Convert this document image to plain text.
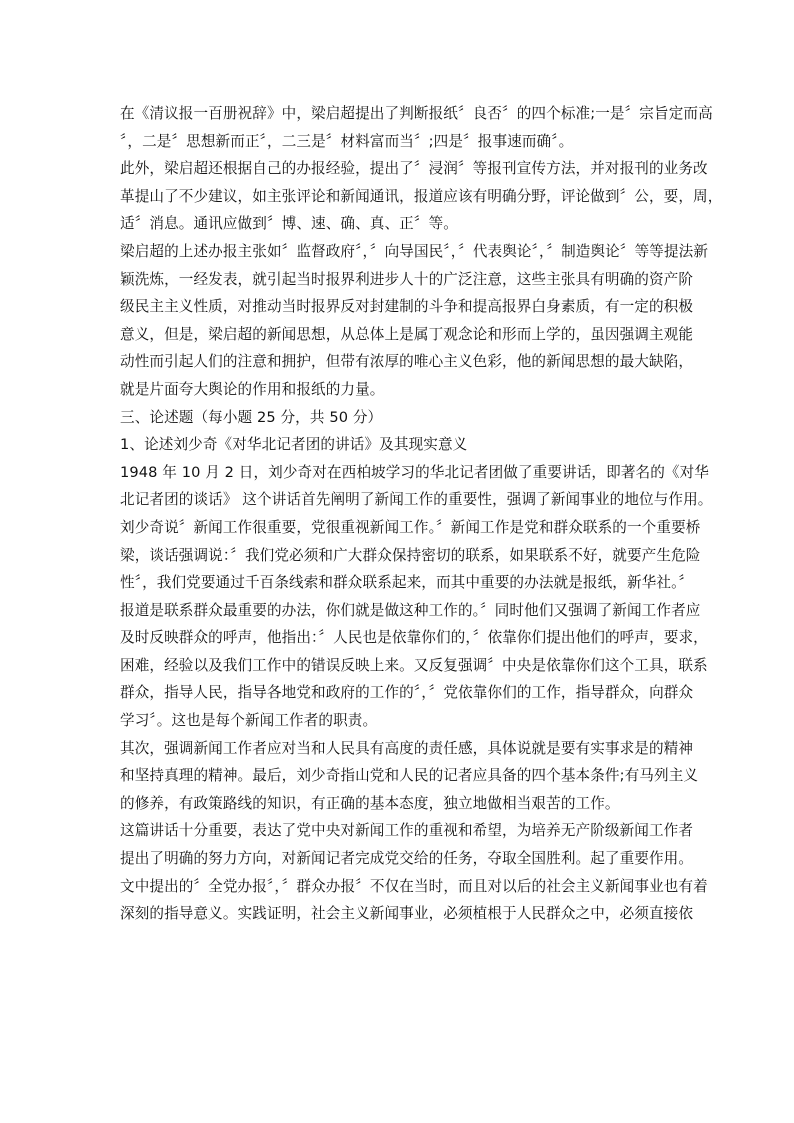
在《清议报一百册祝辞》中，梁启超提出了判断报纸〞良否〞的四个标准;一是〞宗旨定而高
〞，二是〞思想新而正〞，二三是〞材料富而当〞;四是〞报事速而确〞。
此外，梁启超还根据自己的办报经验，提出了〞浸润〞等报刊宣传方法，并对报刊的业务改
革提山了不少建议，如主张评论和新闻通讯，报道应该有明确分野，评论做到〞公，要，周，
适〞消息。通讯应做到〞博、速、确、真、正〞等。
梁启超的上述办报主张如〞监督政府〞，〞向导国民〞，〞代表舆论〞，〞制造舆论〞等等提法新
颖洗炼，一经发表，就引起当时报界利进步人十的广泛注意，这些主张具有明确的资产阶
级民主主义性质，对推动当时报界反对封建制的斗争和提高报界白身素质，有一定的积极
意义，但是，梁启超的新闻思想，从总体上是属丁观念论和形而上学的，虽因强调主观能
动性而引起人们的注意和拥护，但带有浓厚的唯心主义色彩，他的新闻思想的最大缺陷，
就是片面夸大舆论的作用和报纸的力量。
三、论述题（每小题 25 分，共 50 分）
1、论述刘少奇《对华北记者团的讲话》及其现实意义
1948 年 10 月 2 日，刘少奇对在西柏坡学习的华北记者团做了重要讲话，即著名的《对华
北记者团的谈话》 这个讲话首先阐明了新闻工作的重要性，强调了新闻事业的地位与作用。
刘少奇说〞新闻工作很重要，党很重视新闻工作。〞新闻工作是党和群众联系的一个重要桥
梁，谈话强调说：〞我们党必须和广大群众保持密切的联系，如果联系不好，就要产生危险
性〞，我们党要通过千百条线索和群众联系起来，而其中重要的办法就是报纸，新华社。〞
报道是联系群众最重要的办法，你们就是做这种工作的。〞同时他们又强调了新闻工作者应
及时反映群众的呼声，他指出：〞人民也是依靠你们的，〞依靠你们提出他们的呼声，要求，
困难，经验以及我们工作中的错误反映上来。又反复强调〞中央是依靠你们这个工具，联系
群众，指导人民，指导各地党和政府的工作的〞，〞党依靠你们的工作，指导群众，向群众
学习〞。这也是每个新闻工作者的职责。
其次，强调新闻工作者应对当和人民具有高度的责任感，具体说就是要有实事求是的精神
和坚持真理的精神。最后，刘少奇指山党和人民的记者应具备的四个基本条件;有马列主义
的修养，有政策路线的知识，有正确的基本态度，独立地做相当艰苦的工作。
这篇讲话十分重要，表达了党中央对新闻工作的重视和希望，为培养无产阶级新闻工作者
提出了明确的努力方向，对新闻记者完成党交给的任务，夺取全国胜利。起了重要作用。
文中提出的〞全党办报〞，〞群众办报〞不仅在当时，而且对以后的社会主义新闻事业也有着
深刻的指导意义。实践证明，社会主义新闻事业，必须植根于人民群众之中，必须直接依
